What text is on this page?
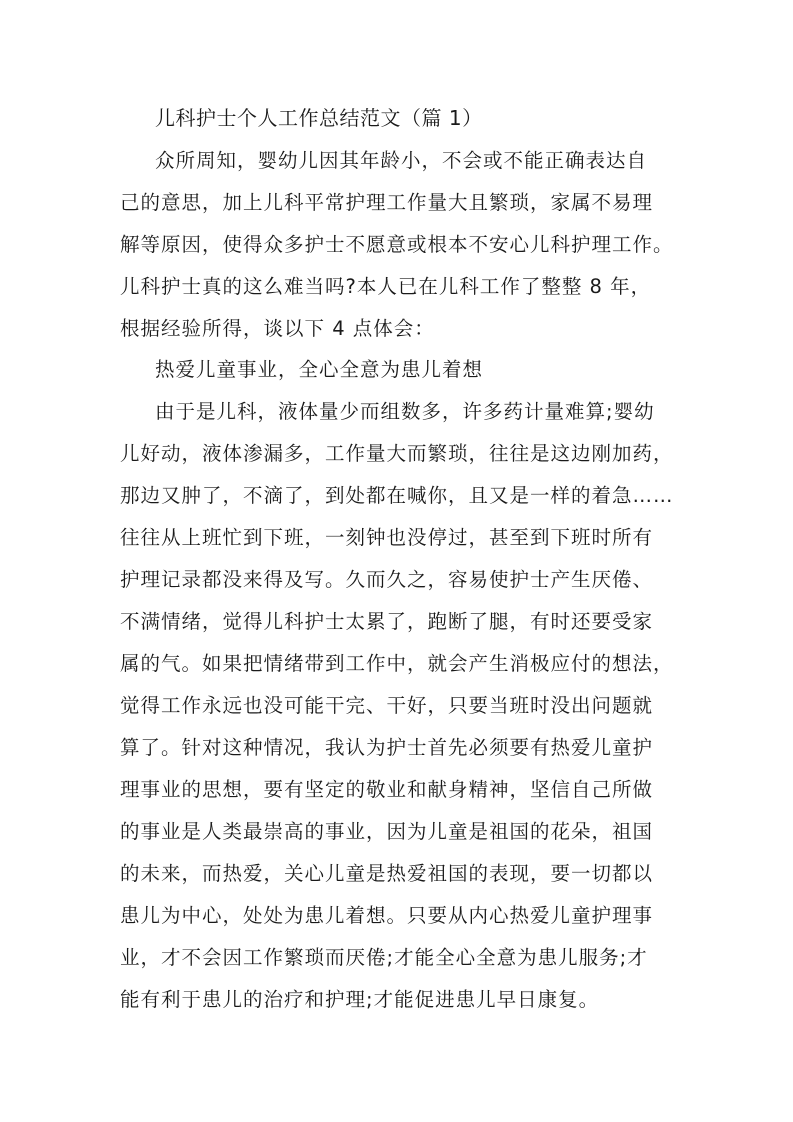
儿科护士个人工作总结范文（篇 1）
众所周知，婴幼儿因其年龄小，不会或不能正确表达自
己的意思，加上儿科平常护理工作量大且繁琐，家属不易理
解等原因，使得众多护士不愿意或根本不安心儿科护理工作。
儿科护士真的这么难当吗?本人已在儿科工作了整整 8 年，
根据经验所得，谈以下 4 点体会：
热爱儿童事业，全心全意为患儿着想
由于是儿科，液体量少而组数多，许多药计量难算;婴幼
儿好动，液体渗漏多，工作量大而繁琐，往往是这边刚加药，
那边又肿了，不滴了，到处都在喊你，且又是一样的着急……
往往从上班忙到下班，一刻钟也没停过，甚至到下班时所有
护理记录都没来得及写。久而久之，容易使护士产生厌倦、
不满情绪，觉得儿科护士太累了，跑断了腿，有时还要受家
属的气。如果把情绪带到工作中，就会产生消极应付的想法，
觉得工作永远也没可能干完、干好，只要当班时没出问题就
算了。针对这种情况，我认为护士首先必须要有热爱儿童护
理事业的思想，要有坚定的敬业和献身精神，坚信自己所做
的事业是人类最崇高的事业，因为儿童是祖国的花朵，祖国
的未来，而热爱，关心儿童是热爱祖国的表现，要一切都以
患儿为中心，处处为患儿着想。只要从内心热爱儿童护理事
业，才不会因工作繁琐而厌倦;才能全心全意为患儿服务;才
能有利于患儿的治疗和护理;才能促进患儿早日康复。
